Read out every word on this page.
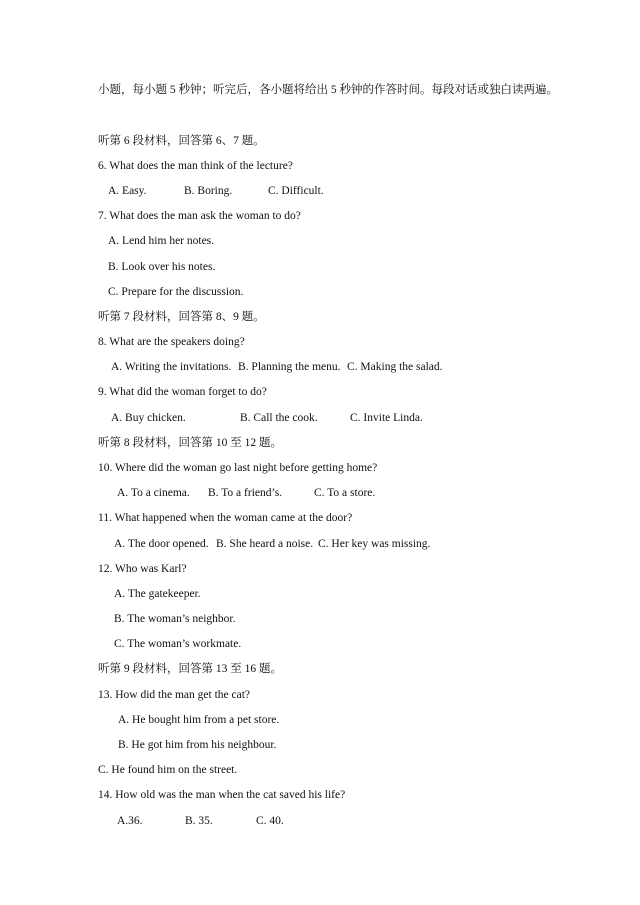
小题，每小题 5 秒钟；听完后，各小题将给出 5 秒钟的作答时间。每段对话或独白读两遍。
听第 6 段材料，回答第 6、7 题。
6. What does the man think of the lecture?
A. Easy.	B. Boring.	C. Difficult.
7. What does the man ask the woman to do?
A. Lend him her notes.
B. Look over his notes.
C. Prepare for the discussion.
听第 7 段材料，回答第 8、9 题。
8. What are the speakers doing?
A. Writing the invitations. B. Planning the menu. C. Making the salad.
9. What did the woman forget to do?
A. Buy chicken.	B. Call the cook.	C. Invite Linda.
听第 8 段材料，回答第 10 至 12 题。
10. Where did the woman go last night before getting home?
A. To a cinema. B. To a friend’s.	C. To a store.
11. What happened when the woman came at the door?
A. The door opened. B. She heard a noise. C. Her key was missing.
12. Who was Karl?
A. The gatekeeper.
B. The woman’s neighbor.
C. The woman’s workmate.
听第 9 段材料，回答第 13 至 16 题。
13. How did the man get the cat?
A. He bought him from a pet store.
B. He got him from his neighbour.
C. He found him on the street.
14. How old was the man when the cat saved his life?
A.36.	B. 35.	C. 40.
